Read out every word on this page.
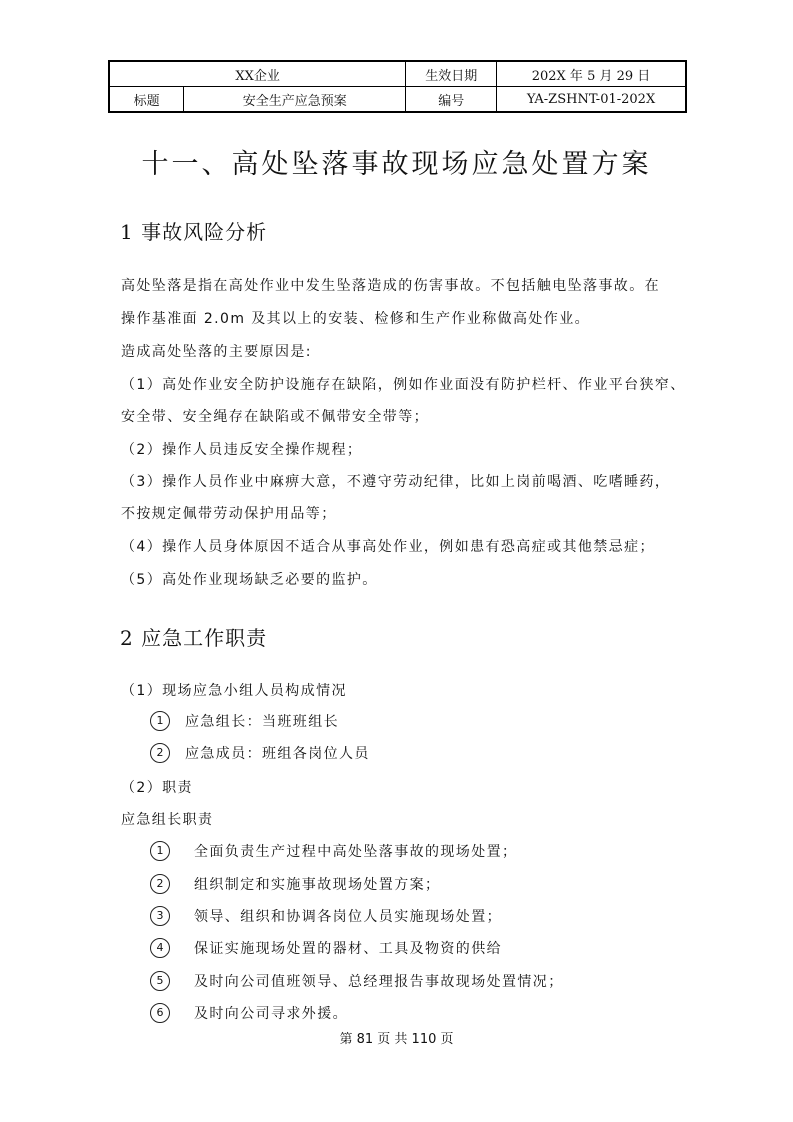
XX企业		生效日期	202X 年 5 月 29 日
标题	安全生产应急预案	编号	YA-ZSHNT-01-202X
十一、高处坠落事故现场应急处置方案
1 事故风险分析
高处坠落是指在高处作业中发生坠落造成的伤害事故。不包括触电坠落事故。在
操作基准面 2.0m 及其以上的安装、检修和生产作业称做高处作业。
造成高处坠落的主要原因是:
（1）高处作业安全防护设施存在缺陷，例如作业面没有防护栏杆、作业平台狭窄、
安全带、安全绳存在缺陷或不佩带安全带等；
（2）操作人员违反安全操作规程；
（3）操作人员作业中麻痹大意，不遵守劳动纪律，比如上岗前喝酒、吃嗜睡药，
不按规定佩带劳动保护用品等；
（4）操作人员身体原因不适合从事高处作业，例如患有恐高症或其他禁忌症；
（5）高处作业现场缺乏必要的监护。
2 应急工作职责
（1）现场应急小组人员构成情况
1 应急组长：当班班组长
2 应急成员：班组各岗位人员
（2）职责
应急组长职责
1 全面负责生产过程中高处坠落事故的现场处置；
2 组织制定和实施事故现场处置方案；
3 领导、组织和协调各岗位人员实施现场处置；
4 保证实施现场处置的器材、工具及物资的供给
5 及时向公司值班领导、总经理报告事故现场处置情况；
6 及时向公司寻求外援。
第 81 页 共 110 页
